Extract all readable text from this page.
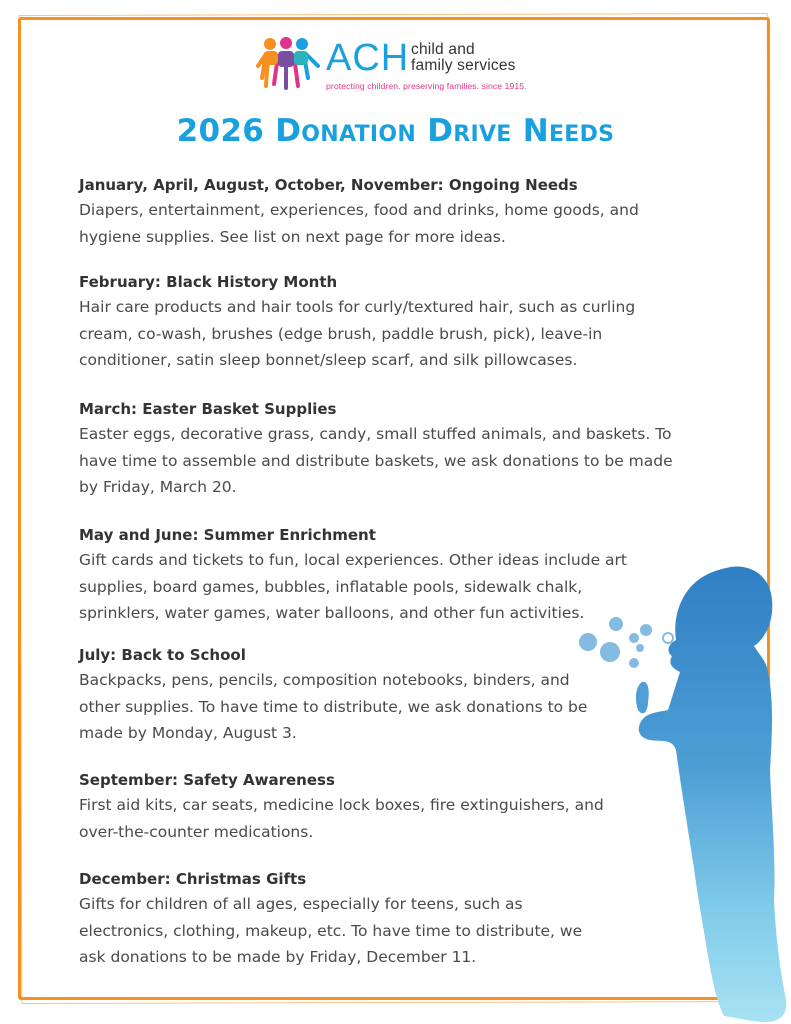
ACH child and
family services
protecting children. preserving families. since 1915.
2026 Donation Drive Needs
January, April, August, October, November: Ongoing Needs
Diapers, entertainment, experiences, food and drinks, home goods, and
hygiene supplies. See list on next page for more ideas.
February: Black History Month
Hair care products and hair tools for curly/textured hair, such as curling
cream, co-wash, brushes (edge brush, paddle brush, pick), leave-in
conditioner, satin sleep bonnet/sleep scarf, and silk pillowcases.
March: Easter Basket Supplies
Easter eggs, decorative grass, candy, small stuffed animals, and baskets. To
have time to assemble and distribute baskets, we ask donations to be made
by Friday, March 20.
May and June: Summer Enrichment
Gift cards and tickets to fun, local experiences. Other ideas include art
supplies, board games, bubbles, inflatable pools, sidewalk chalk,
sprinklers, water games, water balloons, and other fun activities.
July: Back to School
Backpacks, pens, pencils, composition notebooks, binders, and
other supplies. To have time to distribute, we ask donations to be
made by Monday, August 3.
September: Safety Awareness
First aid kits, car seats, medicine lock boxes, fire extinguishers, and
over-the-counter medications.
December: Christmas Gifts
Gifts for children of all ages, especially for teens, such as
electronics, clothing, makeup, etc. To have time to distribute, we
ask donations to be made by Friday, December 11.
